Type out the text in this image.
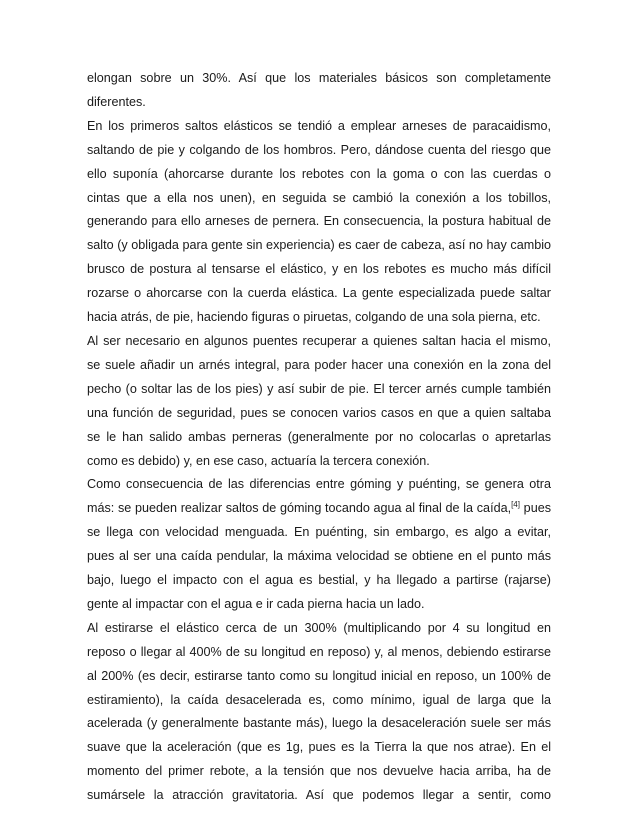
elongan sobre un 30%. Así que los materiales básicos son completamente
diferentes.

En los primeros saltos elásticos se tendió a emplear arneses de paracaidismo,
saltando de pie y colgando de los hombros. Pero, dándose cuenta del riesgo que
ello suponía (ahorcarse durante los rebotes con la goma o con las cuerdas o
cintas que a ella nos unen), en seguida se cambió la conexión a los tobillos,
generando para ello arneses de pernera. En consecuencia, la postura habitual de
salto (y obligada para gente sin experiencia) es caer de cabeza, así no hay cambio
brusco de postura al tensarse el elástico, y en los rebotes es mucho más difícil
rozarse o ahorcarse con la cuerda elástica. La gente especializada puede saltar
hacia atrás, de pie, haciendo figuras o piruetas, colgando de una sola pierna, etc.

Al ser necesario en algunos puentes recuperar a quienes saltan hacia el mismo,
se suele añadir un arnés integral, para poder hacer una conexión en la zona del
pecho (o soltar las de los pies) y así subir de pie. El tercer arnés cumple también
una función de seguridad, pues se conocen varios casos en que a quien saltaba
se le han salido ambas perneras (generalmente por no colocarlas o apretarlas
como es debido) y, en ese caso, actuaría la tercera conexión.

Como consecuencia de las diferencias entre góming y puénting, se genera otra
más: se pueden realizar saltos de góming tocando agua al final de la caída,[4] pues
se llega con velocidad menguada. En puénting, sin embargo, es algo a evitar,
pues al ser una caída pendular, la máxima velocidad se obtiene en el punto más
bajo, luego el impacto con el agua es bestial, y ha llegado a partirse (rajarse)
gente al impactar con el agua e ir cada pierna hacia un lado.

Al estirarse el elástico cerca de un 300% (multiplicando por 4 su longitud en
reposo o llegar al 400% de su longitud en reposo) y, al menos, debiendo estirarse
al 200% (es decir, estirarse tanto como su longitud inicial en reposo, un 100% de
estiramiento), la caída desacelerada es, como mínimo, igual de larga que la
acelerada (y generalmente bastante más), luego la desaceleración suele ser más
suave que la aceleración (que es 1g, pues es la Tierra la que nos atrae). En el
momento del primer rebote, a la tensión que nos devuelve hacia arriba, ha de
sumársele la atracción gravitatoria. Así que podemos llegar a sentir, como
